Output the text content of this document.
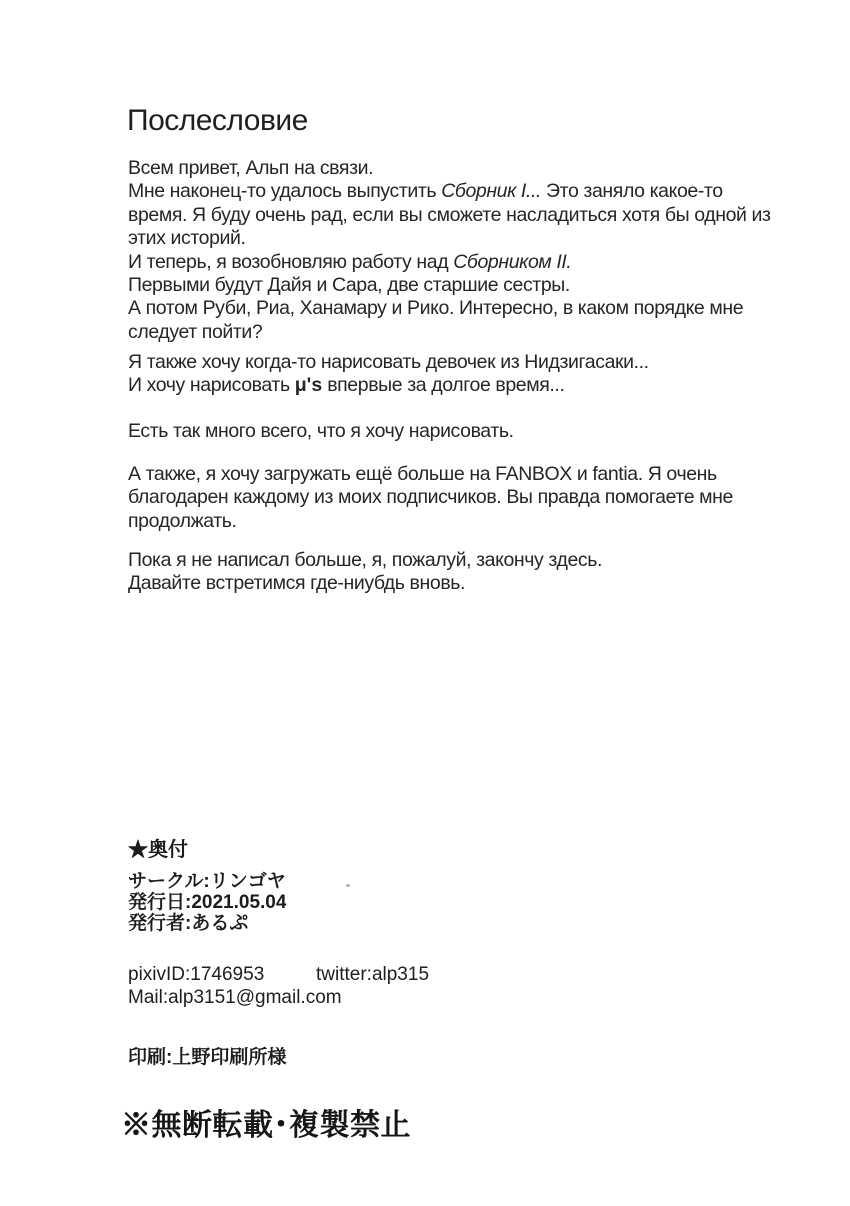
Послесловие
Всем привет, Альп на связи.
Мне наконец-то удалось выпустить Сборник I... Это заняло какое-то
время. Я буду очень рад, если вы сможете насладиться хотя бы одной из
этих историй.
И теперь, я возобновляю работу над Сборником II.
Первыми будут Дайя и Сара, две старшие сестры.
А потом Руби, Риа, Ханамару и Рико. Интересно, в каком порядке мне
следует пойти?
Я также хочу когда-то нарисовать девочек из Нидзигасаки...
И хочу нарисовать μ's впервые за долгое время...
Есть так много всего, что я хочу нарисовать.
А также, я хочу загружать ещё больше на FANBOX и fantia. Я очень
благодарен каждому из моих подписчиков. Вы правда помогаете мне
продолжать.
Пока я не написал больше, я, пожалуй, закончу здесь.
Давайте встретимся где-ниубдь вновь.
★奥付
サークル:リンゴヤ
発行日:2021.05.04
発行者:あるぷ
pixivID:1746953	twitter:alp315
Mail:alp3151@gmail.com
印刷:上野印刷所様
※無断転載･複製禁止
